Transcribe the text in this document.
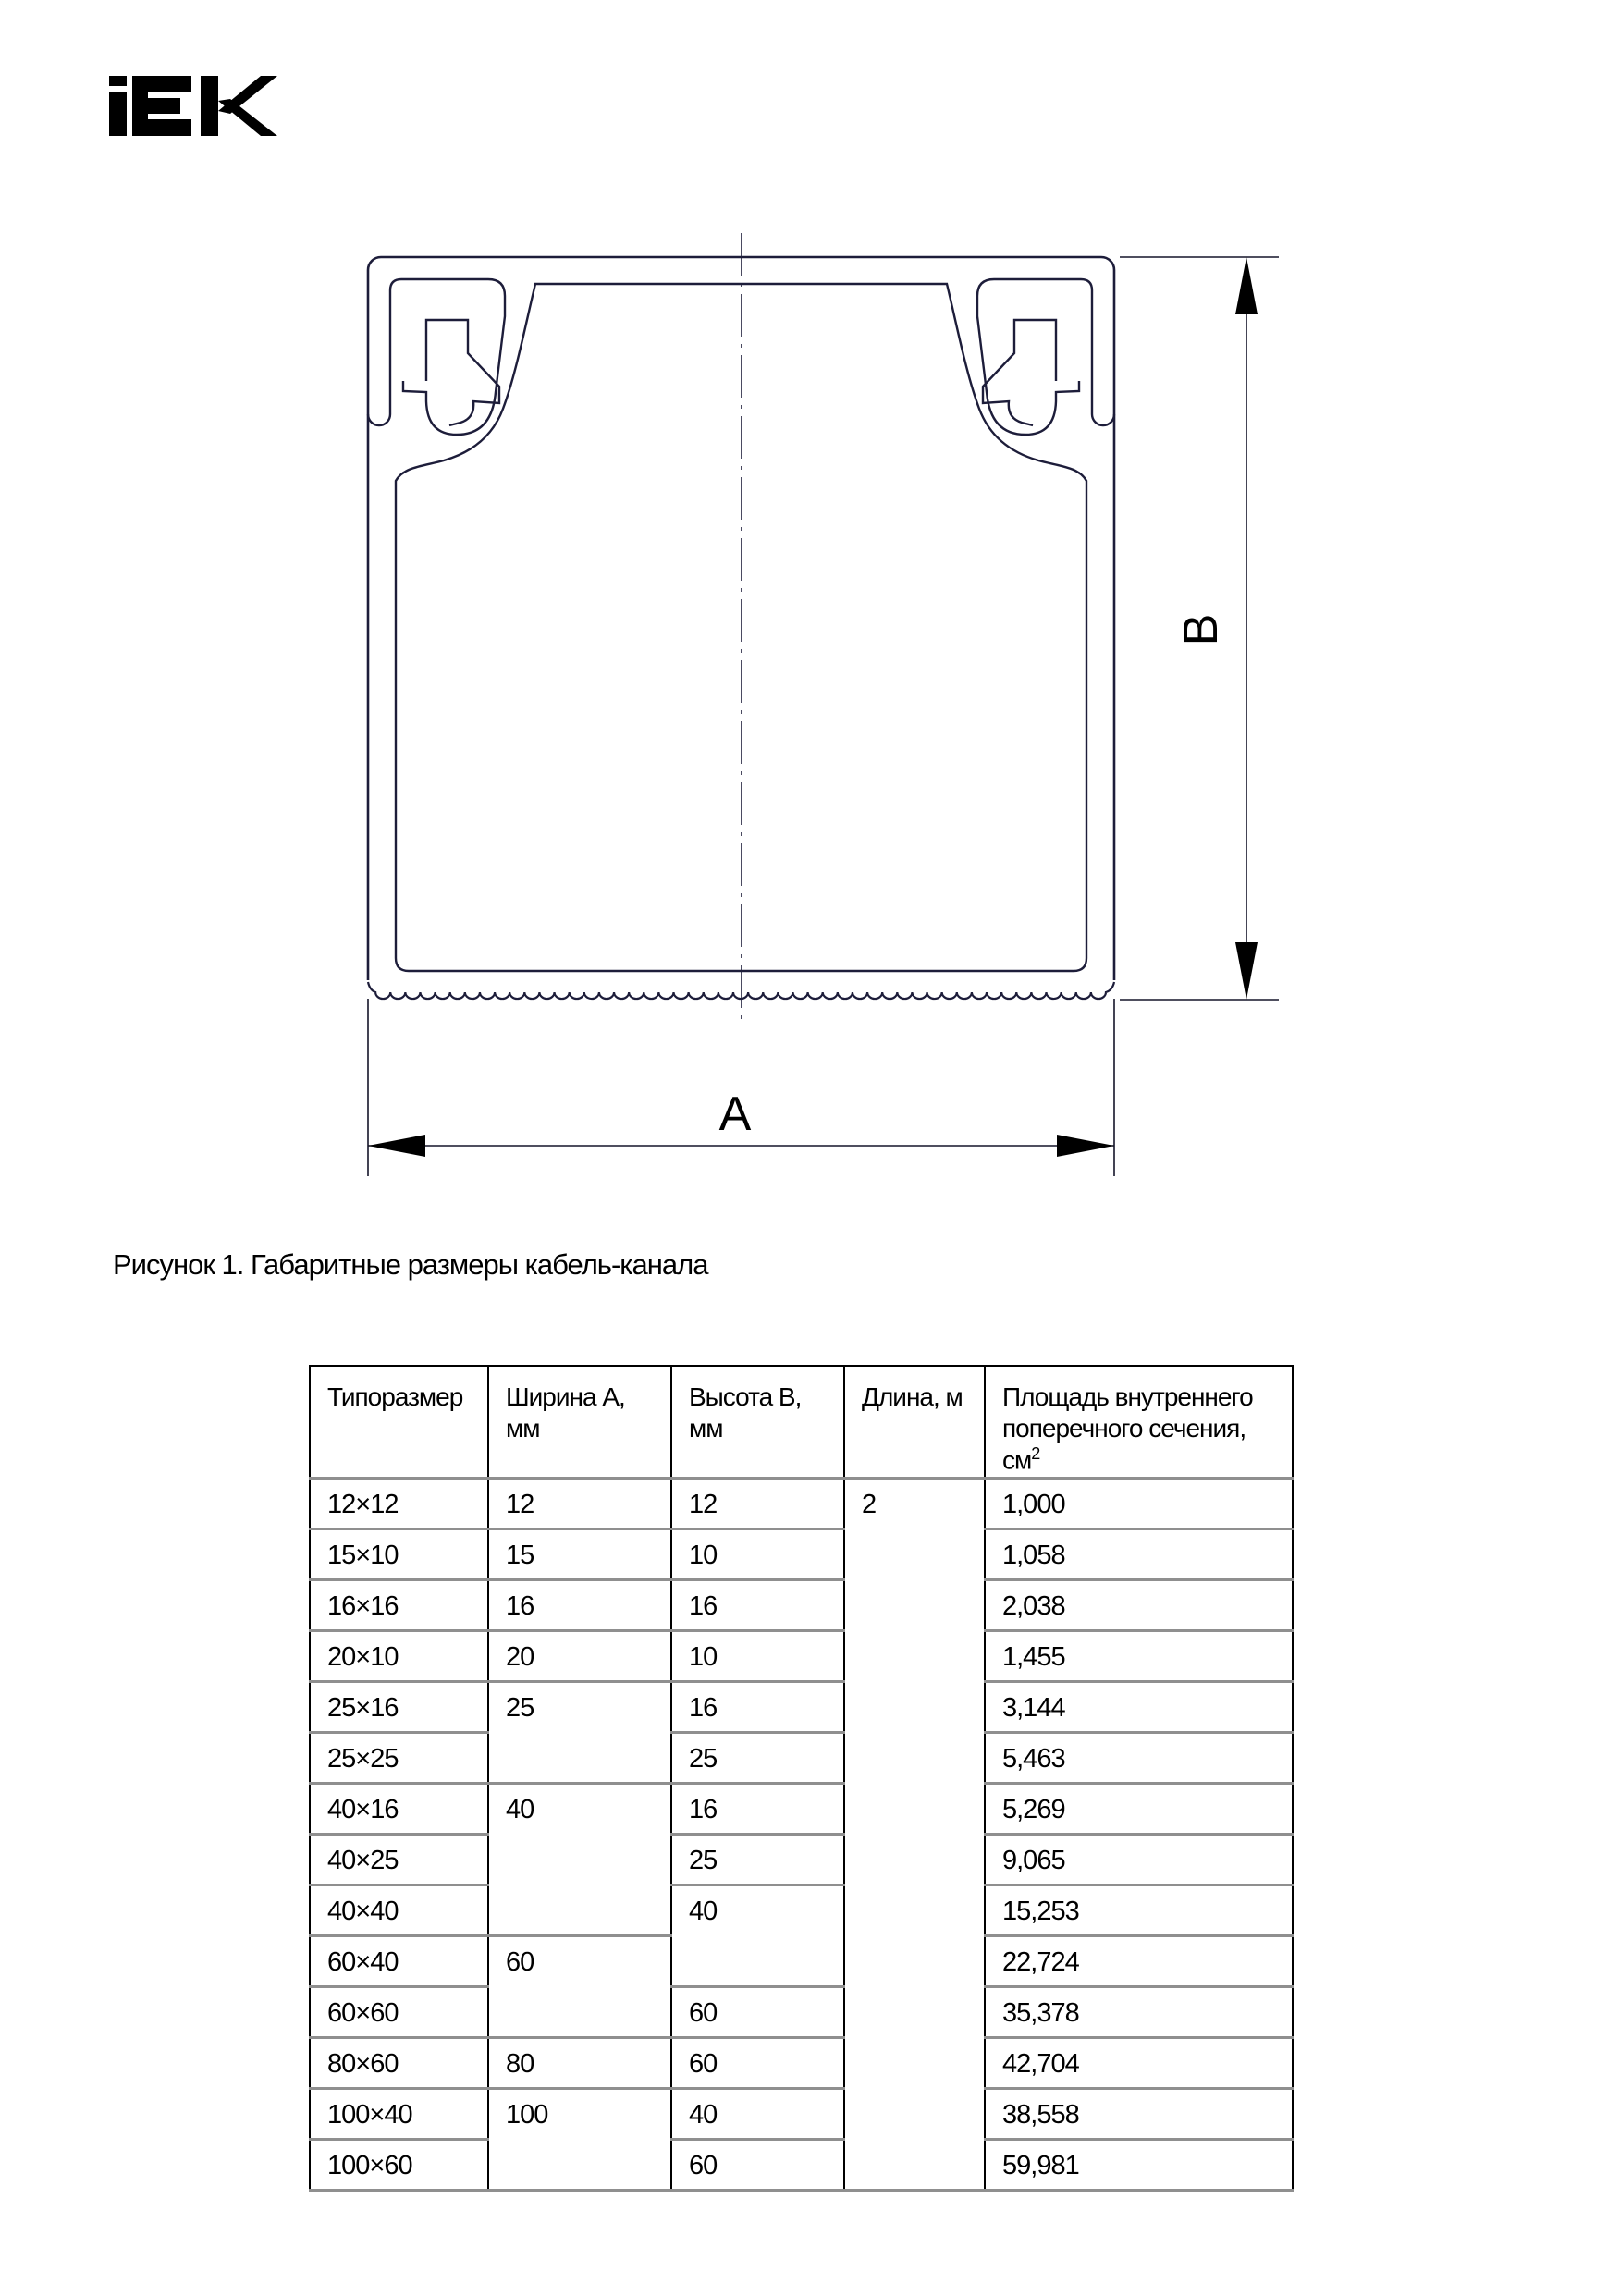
A
B
Рисунок 1. Габаритные размеры кабель-канала
Типоразмер	Ширина А, мм	Высота В, мм	Длина, м	Площадь внутреннего поперечного сечения, $см^2$
12×12	12	12	2	1,000
15×10	15	10		1,058
16×16	16	16		2,038
20×10	20	10		1,455
25×16	25	16		3,144
25×25		25		5,463
40×16	40	16		5,269
40×25		25		9,065
40×40		40		15,253
60×40	60			22,724
60×60		60		35,378
80×60	80	60		42,704
100×40	100	40		38,558
100×60		60		59,981
